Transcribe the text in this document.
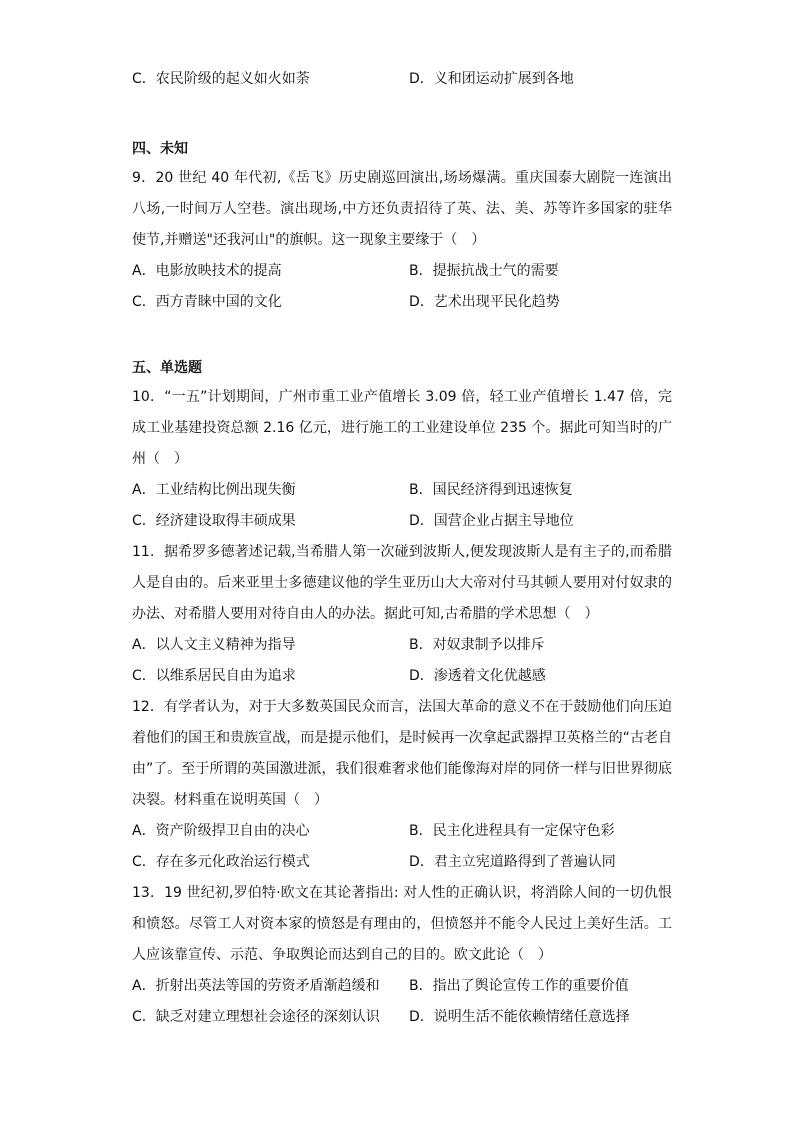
C．农民阶级的起义如火如荼	D．义和团运动扩展到各地
四、未知
9．20 世纪 40 年代初,《岳飞》历史剧巡回演出,场场爆满。重庆国泰大剧院一连演出八场,一时间万人空巷。演出现场,中方还负责招待了英、法、美、苏等许多国家的驻华使节,并赠送"还我河山"的旗帜。这一现象主要缘于（　）
A．电影放映技术的提高	B．提振抗战士气的需要
C．西方青睐中国的文化	D．艺术出现平民化趋势
五、单选题
10．“一五”计划期间，广州市重工业产值增长 3.09 倍，轻工业产值增长 1.47 倍，完成工业基建投资总额 2.16 亿元，进行施工的工业建设单位 235 个。据此可知当时的广州（　）
A．工业结构比例出现失衡	B．国民经济得到迅速恢复
C．经济建设取得丰硕成果	D．国营企业占据主导地位
11．据希罗多德著述记载,当希腊人第一次碰到波斯人,便发现波斯人是有主子的,而希腊人是自由的。后来亚里士多德建议他的学生亚历山大大帝对付马其顿人要用对付奴隶的办法、对希腊人要用对待自由人的办法。据此可知,古希腊的学术思想（　）
A．以人文主义精神为指导	B．对奴隶制予以排斥
C．以维系居民自由为追求	D．渗透着文化优越感
12．有学者认为，对于大多数英国民众而言，法国大革命的意义不在于鼓励他们向压迫着他们的国王和贵族宣战，而是提示他们，是时候再一次拿起武器捍卫英格兰的“古老自由”了。至于所谓的英国激进派，我们很难奢求他们能像海对岸的同侪一样与旧世界彻底决裂。材料重在说明英国（　）
A．资产阶级捍卫自由的决心	B．民主化进程具有一定保守色彩
C．存在多元化政治运行模式	D．君主立宪道路得到了普遍认同
13．19 世纪初,罗伯特·欧文在其论著指出: 对人性的正确认识，将消除人间的一切仇恨和愤怒。尽管工人对资本家的愤怒是有理由的，但愤怒并不能令人民过上美好生活。工人应该靠宣传、示范、争取舆论而达到自己的目的。欧文此论（　）
A．折射出英法等国的劳资矛盾渐趋缓和	B．指出了舆论宣传工作的重要价值
C．缺乏对建立理想社会途径的深刻认识	D．说明生活不能依赖情绪任意选择
